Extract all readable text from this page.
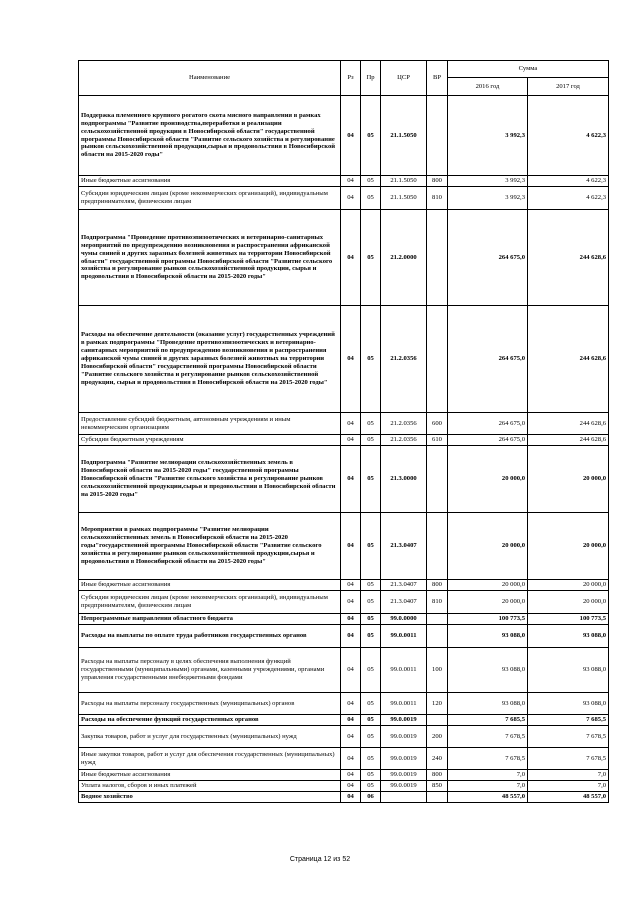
Наименование	Рз	Пр	ЦСР	ВР	Сумма	
					2016 год	2017 год
Поддержка племенного крупного рогатого скота мясного направления в рамках подпрограммы "Развитие производства,переработки и реализации сельскохозяйственной продукции в Новосибирской области" государственной программы Новосибирской области "Развитие сельского хозяйства и регулирование рынков сельскохозяйственной продукции,сырья и продовольствия в Новосибирской области на 2015-2020 годы"	04	05	21.1.5050		3 992,3	4 622,3
Иные бюджетные ассигнования	04	05	21.1.5050	800	3 992,3	4 622,3
Субсидии юридическим лицам (кроме некоммерческих организаций), индивидуальным предпринимателям, физическим лицам	04	05	21.1.5050	810	3 992,3	4 622,3
Подпрограмма "Проведение противоэпизоотических и ветеринарно-санитарных мероприятий по предупреждению возникновения и распространения африканской чумы свиней и других заразных болезней животных на территории Новосибирской области" государственной программы Новосибирской области "Развитие сельского хозяйства и регулирование рынков сельскохозяйственной продукции, сырья и продовольствия в Новосибирской области на 2015-2020 годы"	04	05	21.2.0000		264 675,0	244 628,6
Расходы на обеспечение деятельности (оказание услуг) государственных учреждений в рамках подпрограммы "Проведение противоэпизоотических и ветеринарно-санитарных мероприятий по предупреждению возникновения и распространения африканской чумы свиней и других заразных болезней животных на территории Новосибирской области" государственной программы Новосибирской области "Развитие сельского хозяйства и регулирование рынков сельскохозяйственной продукции, сырья и продовольствия в Новосибирской области на 2015-2020 годы"	04	05	21.2.0356		264 675,0	244 628,6
Предоставление субсидий бюджетным, автономным учреждениям и иным некоммерческим организациям	04	05	21.2.0356	600	264 675,0	244 628,6
Субсидии бюджетным учреждениям	04	05	21.2.0356	610	264 675,0	244 628,6
Подпрограмма "Развитие мелиорации сельскохозяйственных земель в Новосибирской области на 2015-2020 годы" государственной программы Новосибирской области "Развитие сельского хозяйства и регулирование рынков сельскохозяйственной продукции,сырья и продовольствия в Новосибирской области на 2015-2020 годы"	04	05	21.3.0000		20 000,0	20 000,0
Мероприятия в рамках подпрограммы "Развитие мелиорации сельскохозяйственных земель в Новосибирской области на 2015-2020 годы"государственной программы Новосибирской области "Развитие сельского хозяйства и регулирование рынков сельскохозяйственной продукции,сырья и продовольствия в Новосибирской области на 2015-2020 годы"	04	05	21.3.0407		20 000,0	20 000,0
Иные бюджетные ассигнования	04	05	21.3.0407	800	20 000,0	20 000,0
Субсидии юридическим лицам (кроме некоммерческих организаций), индивидуальным предпринимателям, физическим лицам	04	05	21.3.0407	810	20 000,0	20 000,0
Непрограммные направления областного бюджета	04	05	99.0.0000		100 773,5	100 773,5
Расходы на выплаты по оплате труда работников государственных органов	04	05	99.0.0011		93 088,0	93 088,0
Расходы на выплаты персоналу в целях обеспечения выполнения функций государственными (муниципальными) органами, казенными учреждениями, органами управления государственными внебюджетными фондами	04	05	99.0.0011	100	93 088,0	93 088,0
Расходы на выплаты персоналу государственных (муниципальных) органов	04	05	99.0.0011	120	93 088,0	93 088,0
Расходы на обеспечение функций государственных органов	04	05	99.0.0019		7 685,5	7 685,5
Закупка товаров, работ и услуг для государственных (муниципальных) нужд	04	05	99.0.0019	200	7 678,5	7 678,5
Иные закупки товаров, работ и услуг для обеспечения государственных (муниципальных) нужд	04	05	99.0.0019	240	7 678,5	7 678,5
Иные бюджетные ассигнования	04	05	99.0.0019	800	7,0	7,0
Уплата налогов, сборов и иных платежей	04	05	99.0.0019	850	7,0	7,0
Водное хозяйство	04	06			48 557,0	48 557,0
Страница 12 из 52
